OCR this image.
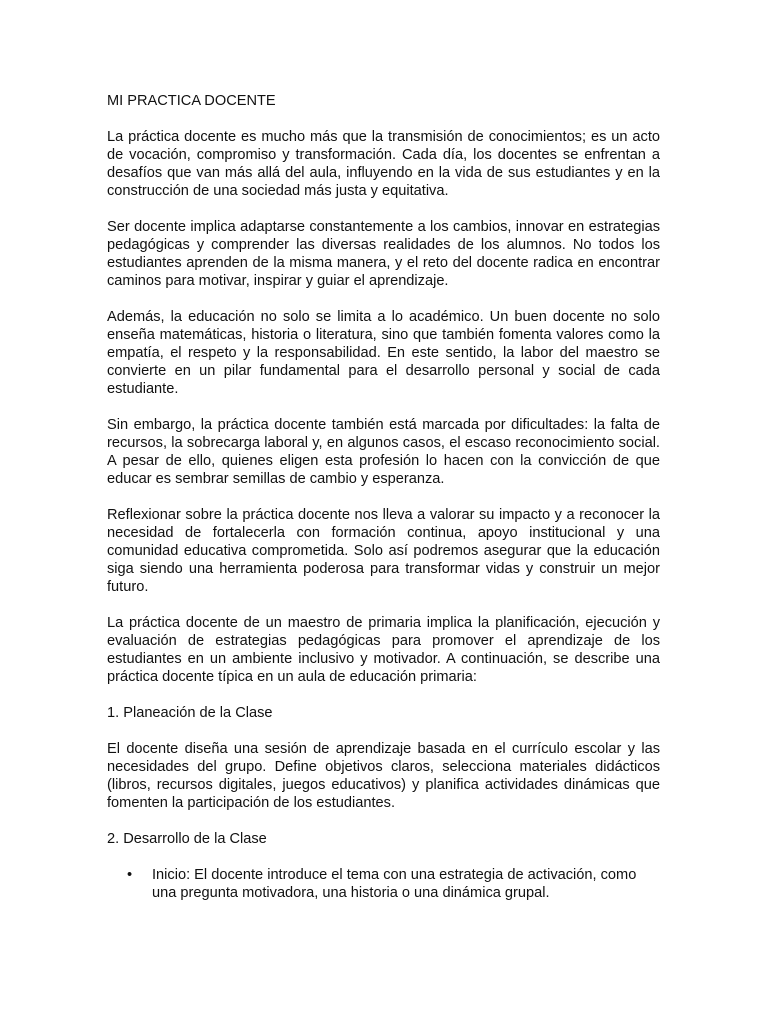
MI PRACTICA DOCENTE

La práctica docente es mucho más que la transmisión de conocimientos; es un acto de vocación, compromiso y transformación. Cada día, los docentes se enfrentan a desafíos que van más allá del aula, influyendo en la vida de sus estudiantes y en la construcción de una sociedad más justa y equitativa.

Ser docente implica adaptarse constantemente a los cambios, innovar en estrategias pedagógicas y comprender las diversas realidades de los alumnos. No todos los estudiantes aprenden de la misma manera, y el reto del docente radica en encontrar caminos para motivar, inspirar y guiar el aprendizaje.

Además, la educación no solo se limita a lo académico. Un buen docente no solo enseña matemáticas, historia o literatura, sino que también fomenta valores como la empatía, el respeto y la responsabilidad. En este sentido, la labor del maestro se convierte en un pilar fundamental para el desarrollo personal y social de cada estudiante.

Sin embargo, la práctica docente también está marcada por dificultades: la falta de recursos, la sobrecarga laboral y, en algunos casos, el escaso reconocimiento social. A pesar de ello, quienes eligen esta profesión lo hacen con la convicción de que educar es sembrar semillas de cambio y esperanza.

Reflexionar sobre la práctica docente nos lleva a valorar su impacto y a reconocer la necesidad de fortalecerla con formación continua, apoyo institucional y una comunidad educativa comprometida. Solo así podremos asegurar que la educación siga siendo una herramienta poderosa para transformar vidas y construir un mejor futuro.

La práctica docente de un maestro de primaria implica la planificación, ejecución y evaluación de estrategias pedagógicas para promover el aprendizaje de los estudiantes en un ambiente inclusivo y motivador. A continuación, se describe una práctica docente típica en un aula de educación primaria:

1. Planeación de la Clase

El docente diseña una sesión de aprendizaje basada en el currículo escolar y las necesidades del grupo. Define objetivos claros, selecciona materiales didácticos (libros, recursos digitales, juegos educativos) y planifica actividades dinámicas que fomenten la participación de los estudiantes.

2. Desarrollo de la Clase
• Inicio: El docente introduce el tema con una estrategia de activación, como una pregunta motivadora, una historia o una dinámica grupal.
